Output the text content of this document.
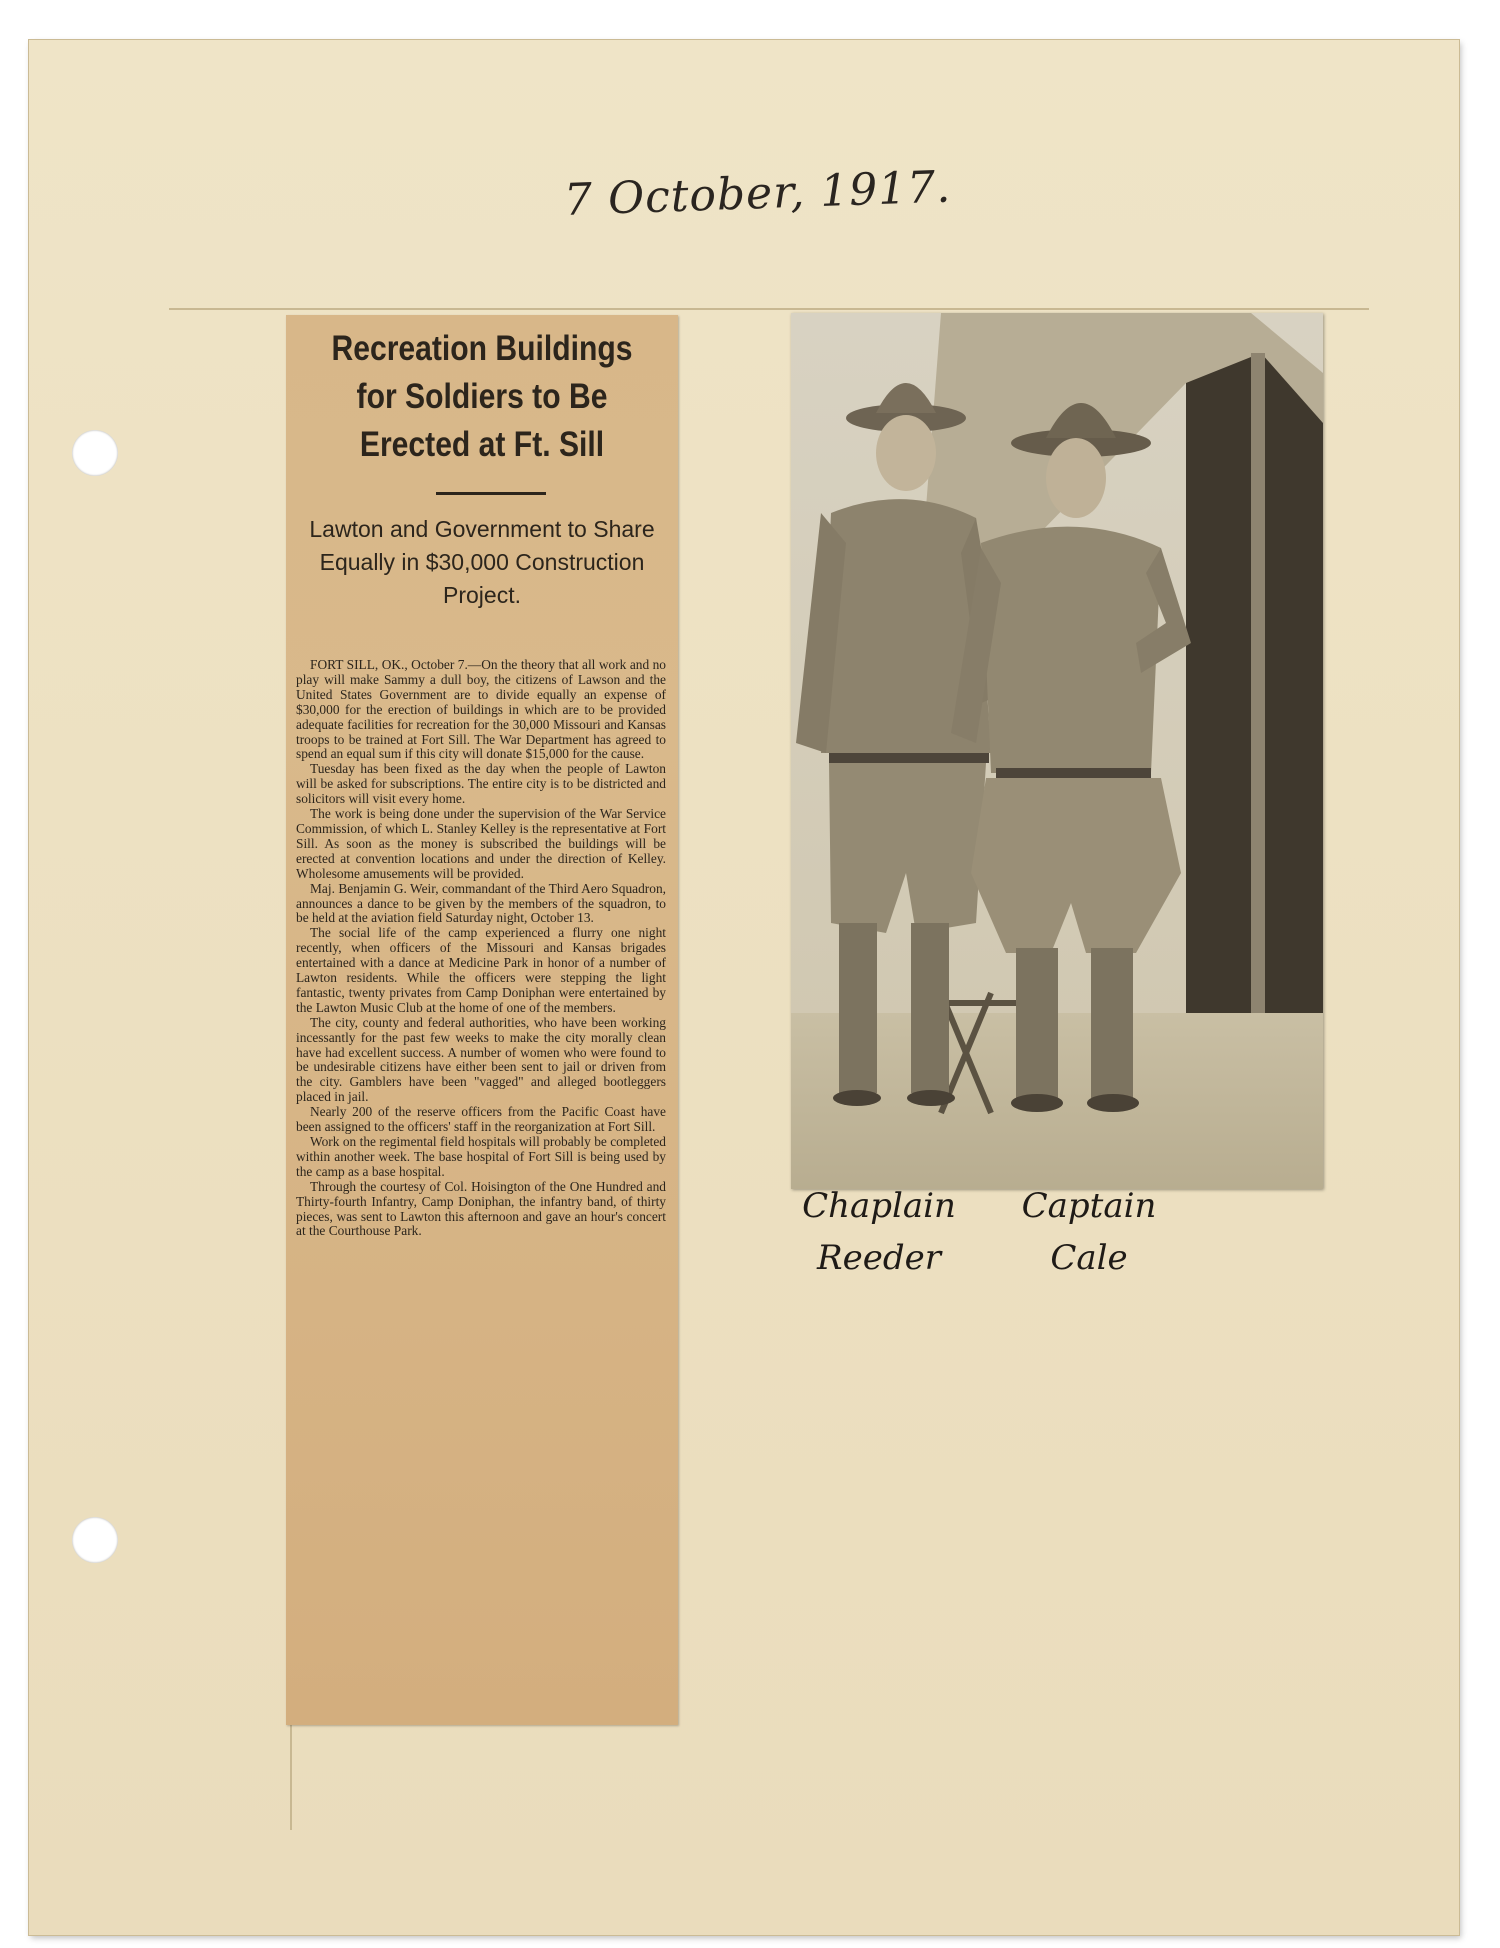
7 October, 1917.
Recreation Buildings for Soldiers to Be Erected at Ft. Sill
Lawton and Government to Share Equally in $30,000 Construction Project.

FORT SILL, OK., October 7.—On the theory that all work and no play will make Sammy a dull boy, the citizens of Lawson and the United States Government are to divide equally an expense of $30,000 for the erection of buildings in which are to be provided adequate facilities for recreation for the 30,000 Missouri and Kansas troops to be trained at Fort Sill. The War Department has agreed to spend an equal sum if this city will donate $15,000 for the cause.

Tuesday has been fixed as the day when the people of Lawton will be asked for subscriptions. The entire city is to be districted and solicitors will visit every home.

The work is being done under the supervision of the War Service Commission, of which L. Stanley Kelley is the representative at Fort Sill. As soon as the money is subscribed the buildings will be erected at convention locations and under the direction of Kelley. Wholesome amusements will be provided.

Maj. Benjamin G. Weir, commandant of the Third Aero Squadron, announces a dance to be given by the members of the squadron, to be held at the aviation field Saturday night, October 13.

The social life of the camp experienced a flurry one night recently, when officers of the Missouri and Kansas brigades entertained with a dance at Medicine Park in honor of a number of Lawton residents. While the officers were stepping the light fantastic, twenty privates from Camp Doniphan were entertained by the Lawton Music Club at the home of one of the members.

The city, county and federal authorities, who have been working incessantly for the past few weeks to make the city morally clean have had excellent success. A number of women who were found to be undesirable citizens have either been sent to jail or driven from the city. Gamblers have been "vagged" and alleged bootleggers placed in jail.

Nearly 200 of the reserve officers from the Pacific Coast have been assigned to the officers' staff in the reorganization at Fort Sill.

Work on the regimental field hospitals will probably be completed within another week. The base hospital of Fort Sill is being used by the camp as a base hospital.

Through the courtesy of Col. Hoisington of the One Hundred and Thirty-fourth Infantry, Camp Doniphan, the infantry band, of thirty pieces, was sent to Lawton this afternoon and gave an hour's concert at the Courthouse Park.

Chaplain
Reeder
Captain
Cale
